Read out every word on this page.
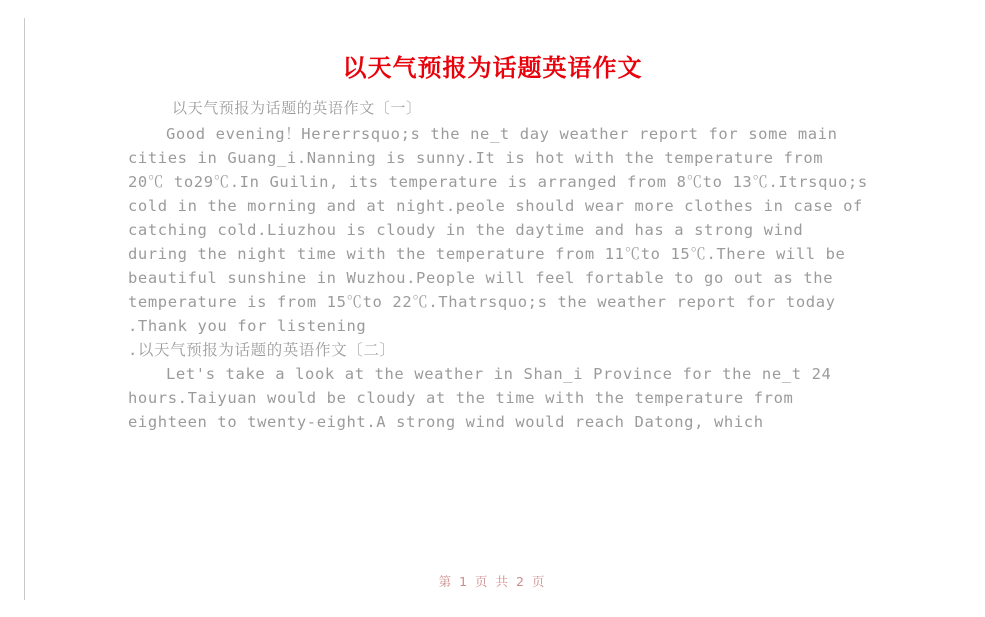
以天气预报为话题英语作文
以天气预报为话题的英语作文〔一〕

Good evening！Hererrsquo;s the ne_t day weather report for some main cities in Guang_i.Nanning is sunny.It is hot with the temperature from 20℃ to29℃.In Guilin, its temperature is arranged from 8℃to 13℃.Itrsquo;s cold in the morning and at night.peole should wear more clothes in case of catching cold.Liuzhou is cloudy in the daytime and has a strong wind during the night time with the temperature from 11℃to 15℃.There will be beautiful sunshine in Wuzhou.People will feel fortable to go out as the temperature is from 15℃to 22℃.Thatrsquo;s the weather report for today .Thank you for listening

.以天气预报为话题的英语作文〔二〕

Let's take a look at the weather in Shan_i Province for the ne_t 24 hours.Taiyuan would be cloudy at the time with the temperature from eighteen to twenty-eight.A strong wind would reach Datong, which

第 1 页 共 2 页
